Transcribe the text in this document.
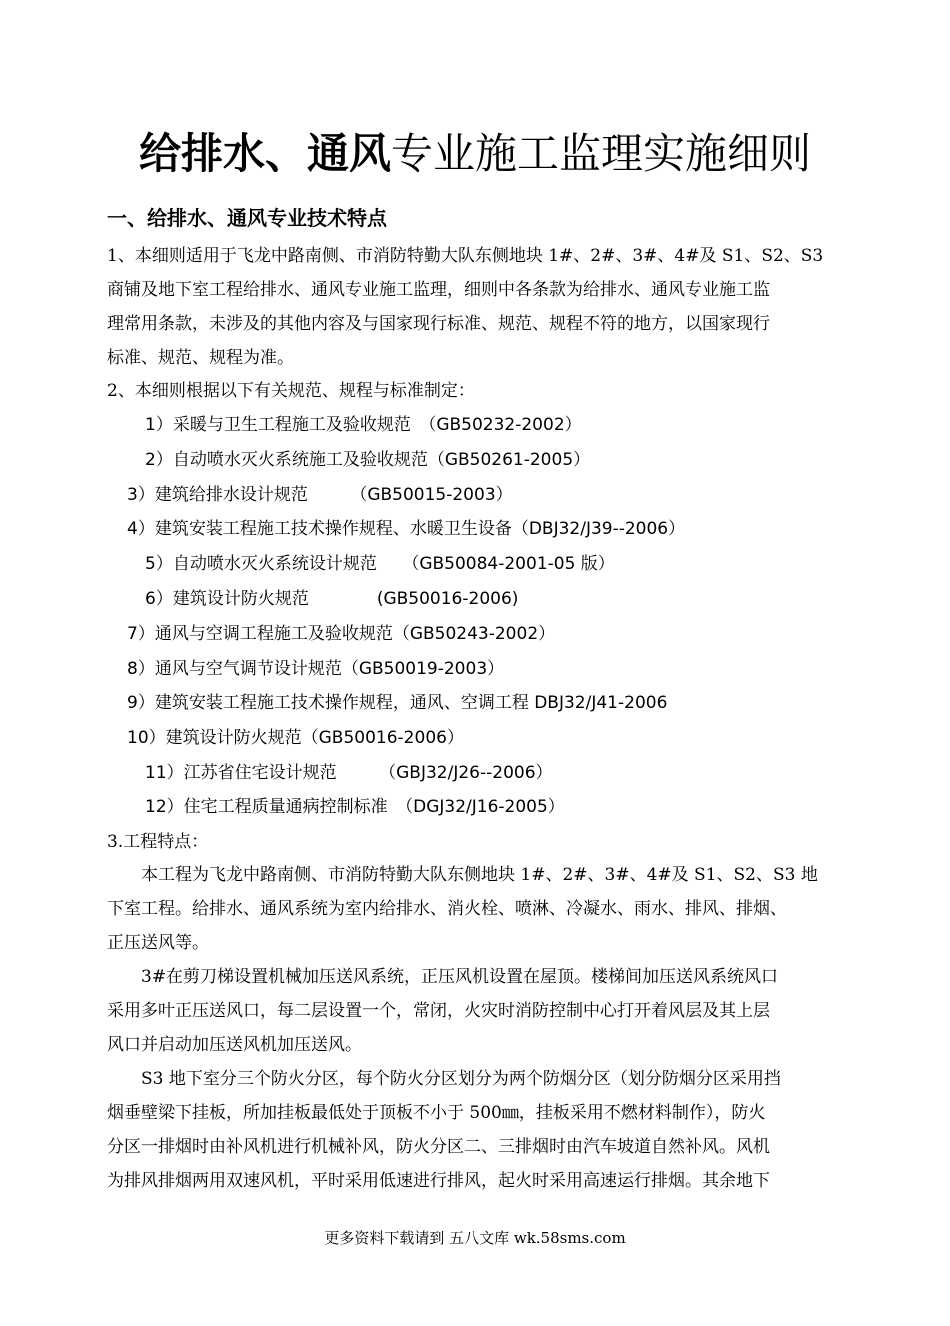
给排水、通风专业施工监理实施细则
一、给排水、通风专业技术特点
1、本细则适用于飞龙中路南侧、市消防特勤大队东侧地块 1#、2#、3#、4#及 S1、S2、S3
商铺及地下室工程给排水、通风专业施工监理，细则中各条款为给排水、通风专业施工监
理常用条款，未涉及的其他内容及与国家现行标准、规范、规程不符的地方，以国家现行
标准、规范、规程为准。
2、本细则根据以下有关规范、规程与标准制定：
1）采暖与卫生工程施工及验收规范　（GB50232-2002）
2）自动喷水灭火系统施工及验收规范（GB50261-2005）
3）建筑给排水设计规范　　　（GB50015-2003）
4）建筑安装工程施工技术操作规程、水暖卫生设备（DBJ32/J39--2006）
5）自动喷水灭火系统设计规范　　（GB50084-2001-05 版）
6）建筑设计防火规范　　　　(GB50016-2006)
7）通风与空调工程施工及验收规范（GB50243-2002）
8）通风与空气调节设计规范（GB50019-2003）
9）建筑安装工程施工技术操作规程，通风、空调工程 DBJ32/J41-2006
10）建筑设计防火规范（GB50016-2006）
11）江苏省住宅设计规范　　　（GBJ32/J26--2006）
12）住宅工程质量通病控制标准　（DGJ32/J16-2005）
3.工程特点：
　　本工程为飞龙中路南侧、市消防特勤大队东侧地块 1#、2#、3#、4#及 S1、S2、S3 地
下室工程。给排水、通风系统为室内给排水、消火栓、喷淋、冷凝水、雨水、排风、排烟、
正压送风等。
　　3#在剪刀梯设置机械加压送风系统，正压风机设置在屋顶。楼梯间加压送风系统风口
采用多叶正压送风口，每二层设置一个，常闭，火灾时消防控制中心打开着风层及其上层
风口并启动加压送风机加压送风。
　　S3 地下室分三个防火分区，每个防火分区划分为两个防烟分区（划分防烟分区采用挡
烟垂壁梁下挂板，所加挂板最低处于顶板不小于 500㎜，挂板采用不燃材料制作），防火
分区一排烟时由补风机进行机械补风，防火分区二、三排烟时由汽车坡道自然补风。风机
为排风排烟两用双速风机，平时采用低速进行排风，起火时采用高速运行排烟。其余地下
更多资料下载请到 五八文库 wk.58sms.com
